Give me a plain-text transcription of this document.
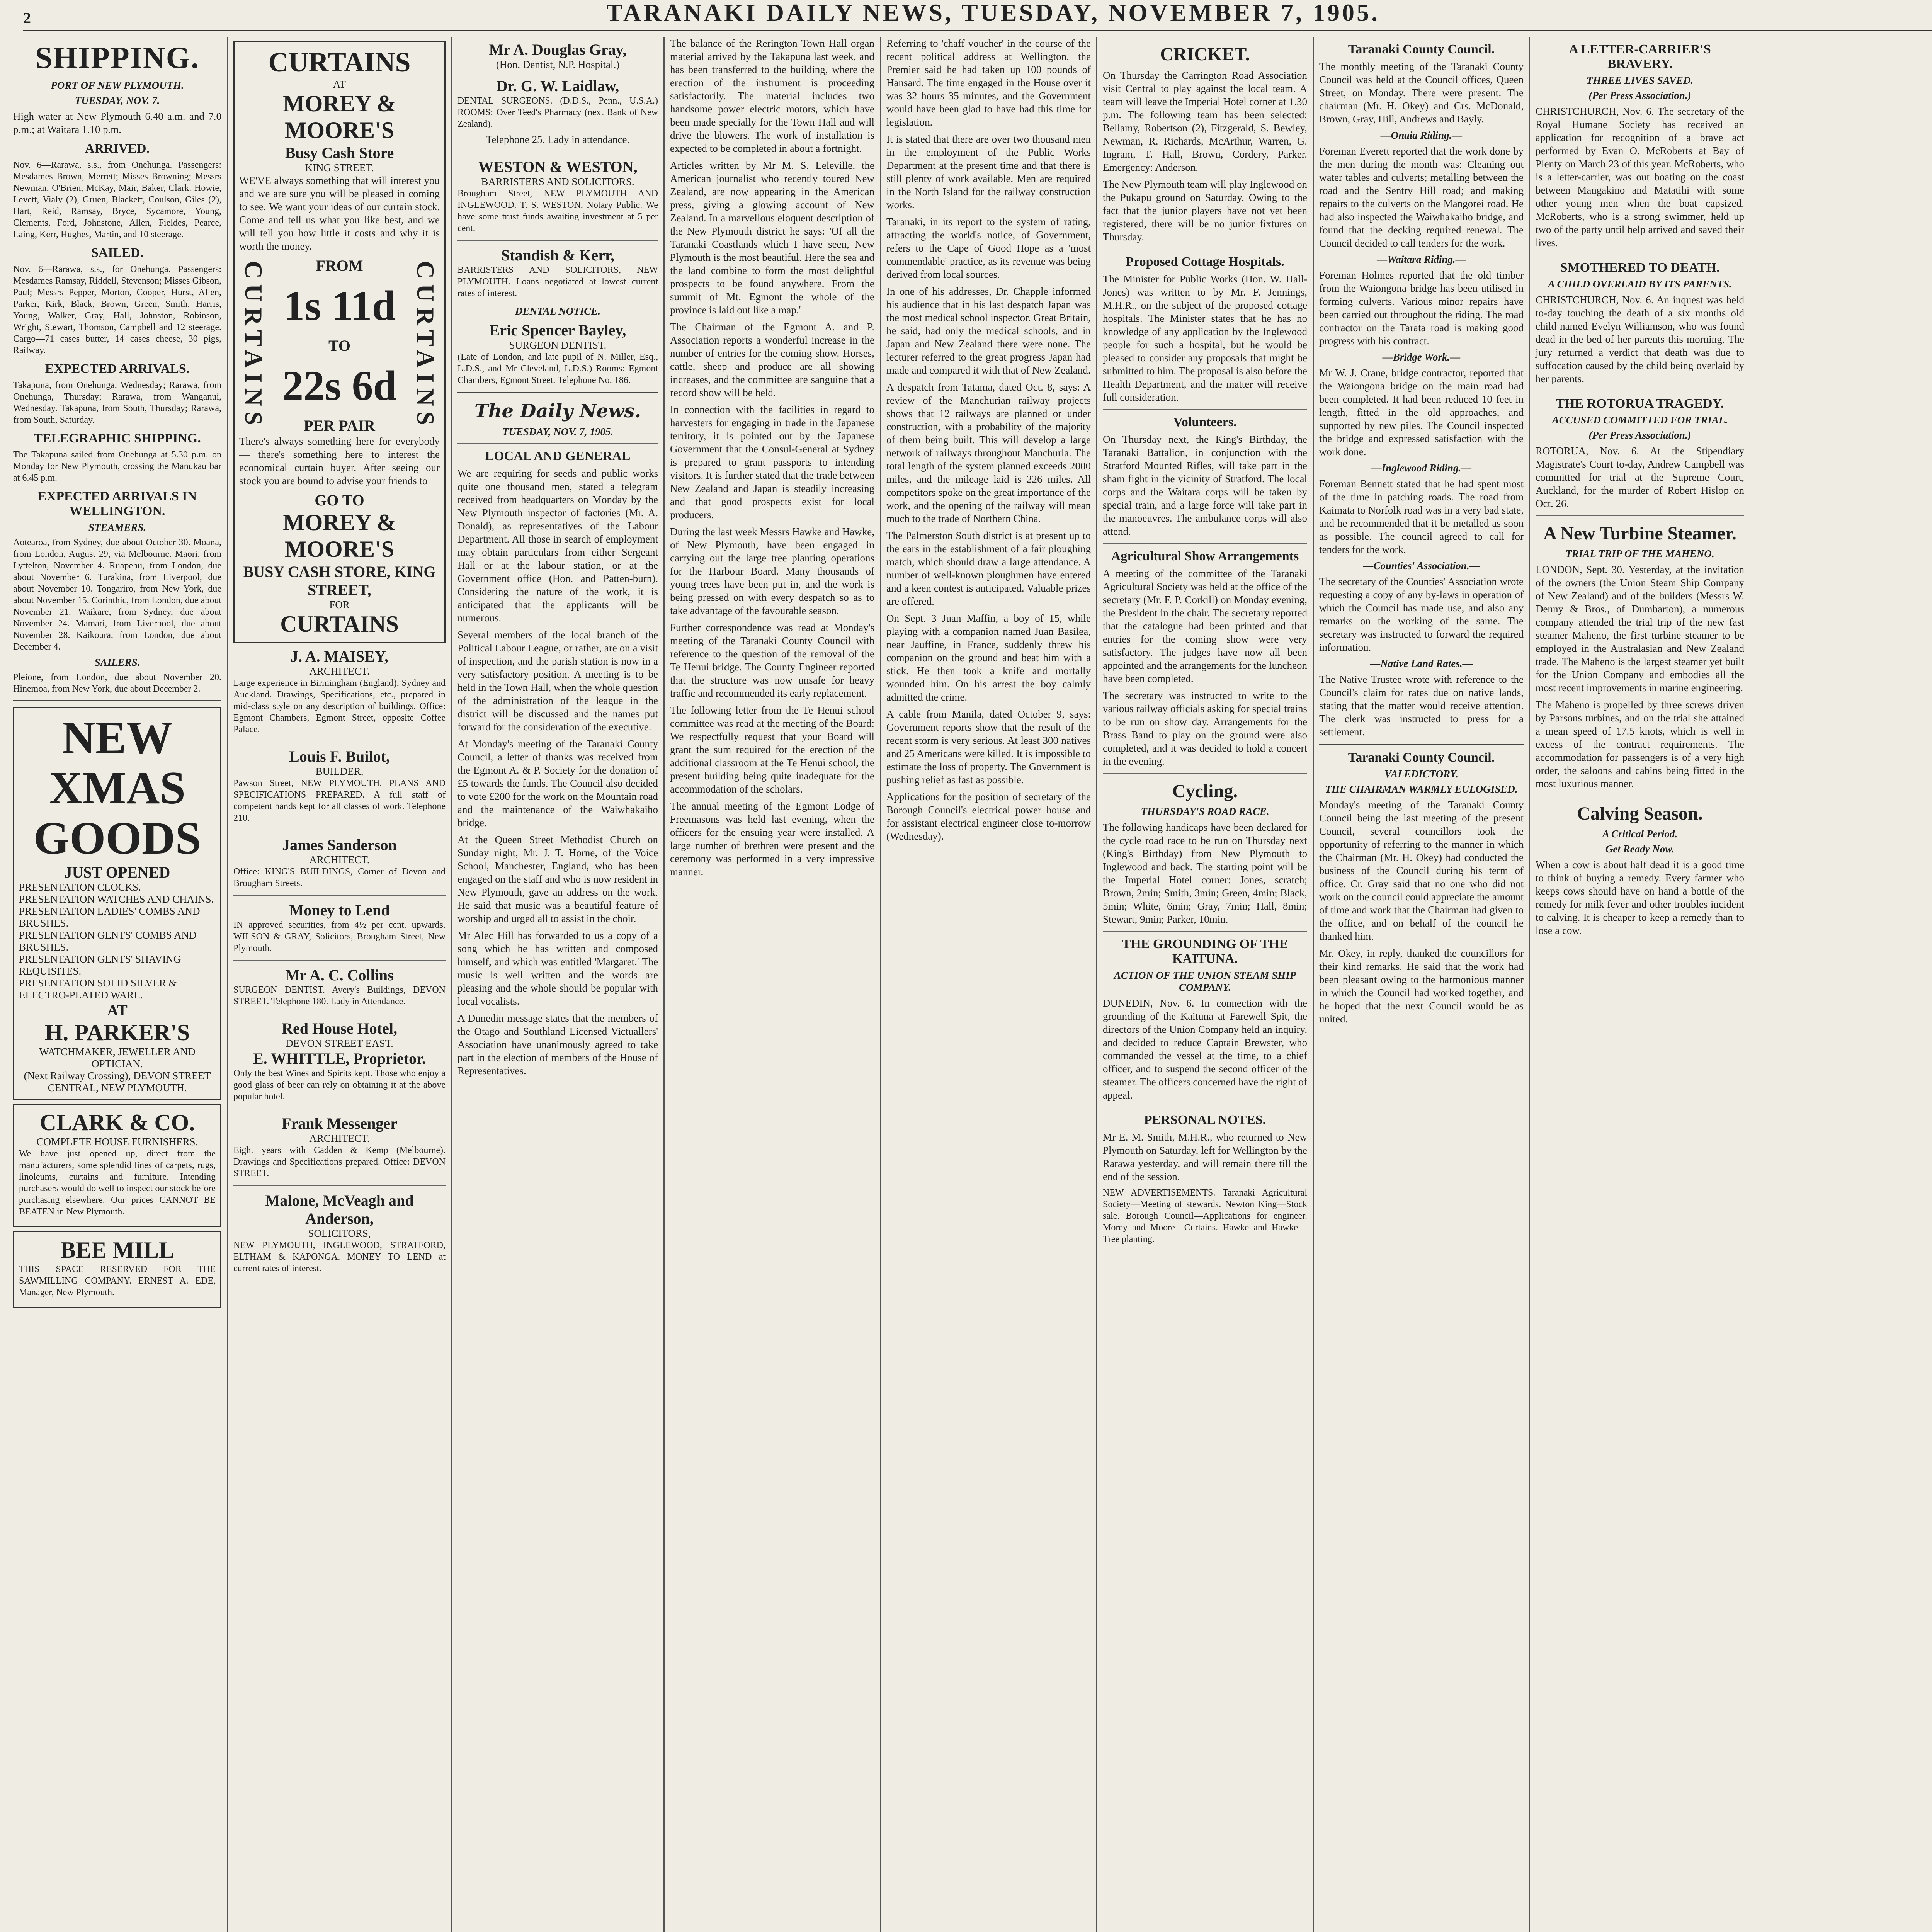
2	TARANAKI DAILY NEWS, TUESDAY, NOVEMBER 7, 1905.
SHIPPING.
PORT OF NEW PLYMOUTH.
TUESDAY, NOV. 7.

High water at New Plymouth 6.40 a.m. and 7.0 p.m.; at Waitara 1.10 p.m.

ARRIVED.

Nov. 6—Rarawa, s.s., from Onehunga. Passengers: Mesdames Brown, Merrett; Misses Browning; Messrs Newman, O'Brien, McKay, Mair, Baker, Clark. Howie, Levett, Vialy (2), Gruen, Blackett, Coulson, Giles (2), Hart, Reid, Ramsay, Bryce, Sycamore, Young, Clements, Ford, Johnstone, Allen, Fieldes, Pearce, Laing, Kerr, Hughes, Martin, and 10 steerage.

SAILED.

Nov. 6—Rarawa, s.s., for Onehunga. Passengers: Mesdames Ramsay, Riddell, Stevenson; Misses Gibson, Paul; Messrs Pepper, Morton, Cooper, Hurst, Allen, Parker, Kirk, Black, Brown, Green, Smith, Harris, Young, Walker, Gray, Hall, Johnston, Robinson, Wright, Stewart, Thomson, Campbell and 12 steerage. Cargo—71 cases butter, 14 cases cheese, 30 pigs, Railway.

EXPECTED ARRIVALS.

Takapuna, from Onehunga, Wednesday; Rarawa, from Onehunga, Thursday; Rarawa, from Wanganui, Wednesday. Takapuna, from South, Thursday; Rarawa, from South, Saturday.

TELEGRAPHIC SHIPPING.

The Takapuna sailed from Onehunga at 5.30 p.m. on Monday for New Plymouth, crossing the Manukau bar at 6.45 p.m.

EXPECTED ARRIVALS IN WELLINGTON.
STEAMERS.

Aotearoa, from Sydney, due about October 30. Moana, from London, August 29, via Melbourne. Maori, from Lyttelton, November 4. Ruapehu, from London, due about November 6. Turakina, from Liverpool, due about November 10. Tongariro, from New York, due about November 15. Corinthic, from London, due about November 21. Waikare, from Sydney, due about November 24. Mamari, from Liverpool, due about November 28. Kaikoura, from London, due about December 4.

SAILERS.

Pleione, from London, due about November 20. Hinemoa, from New York, due about December 2.

NEW
XMAS
GOODS
JUST OPENED
PRESENTATION CLOCKS.
PRESENTATION WATCHES AND CHAINS.
PRESENTATION LADIES' COMBS AND BRUSHES.
PRESENTATION GENTS' COMBS AND BRUSHES.
PRESENTATION GENTS' SHAVING REQUISITES.
PRESENTATION SOLID SILVER & ELECTRO-PLATED WARE.
AT
H. PARKER'S
WATCHMAKER, JEWELLER AND OPTICIAN.
(Next Railway Crossing), DEVON STREET CENTRAL, NEW PLYMOUTH.
CLARK & CO.
COMPLETE HOUSE FURNISHERS.

We have just opened up, direct from the manufacturers, some splendid lines of carpets, rugs, linoleums, curtains and furniture. Intending purchasers would do well to inspect our stock before purchasing elsewhere. Our prices CANNOT BE BEATEN in New Plymouth.

BEE MILL

THIS SPACE RESERVED FOR THE SAWMILLING COMPANY. ERNEST A. EDE, Manager, New Plymouth.

CURTAINS
AT
MOREY & MOORE'S
Busy Cash Store
KING STREET.

WE'VE always something that will interest you and we are sure you will be pleased in coming to see. We want your ideas of our curtain stock. Come and tell us what you like best, and we will tell you how little it costs and why it is worth the money.

CURTAINS	FROM
1s 11d
TO
22s 6d
PER PAIR	CURTAINS

There's always something here for everybody — there's something here to interest the economical curtain buyer. After seeing our stock you are bound to advise your friends to

GO TO
MOREY & MOORE'S
BUSY CASH STORE, KING STREET,
FOR
CURTAINS
J. A. MAISEY,
ARCHITECT.

Large experience in Birmingham (England), Sydney and Auckland. Drawings, Specifications, etc., prepared in mid-class style on any description of buildings. Office: Egmont Chambers, Egmont Street, opposite Coffee Palace.

Louis F. Builot,
BUILDER,

Pawson Street, NEW PLYMOUTH. PLANS AND SPECIFICATIONS PREPARED. A full staff of competent hands kept for all classes of work. Telephone 210.

James Sanderson
ARCHITECT.

Office: KING'S BUILDINGS, Corner of Devon and Brougham Streets.

Money to Lend

IN approved securities, from 4½ per cent. upwards. WILSON & GRAY, Solicitors, Brougham Street, New Plymouth.

Mr A. C. Collins

SURGEON DENTIST. Avery's Buildings, DEVON STREET. Telephone 180. Lady in Attendance.

Red House Hotel,
DEVON STREET EAST.
E. WHITTLE, Proprietor.

Only the best Wines and Spirits kept. Those who enjoy a good glass of beer can rely on obtaining it at the above popular hotel.

Frank Messenger
ARCHITECT.

Eight years with Cadden & Kemp (Melbourne). Drawings and Specifications prepared. Office: DEVON STREET.

Malone, McVeagh and Anderson,
SOLICITORS,

NEW PLYMOUTH, INGLEWOOD, STRATFORD, ELTHAM & KAPONGA. MONEY TO LEND at current rates of interest.

Mr A. Douglas Gray,
(Hon. Dentist, N.P. Hospital.)
Dr. G. W. Laidlaw,

DENTAL SURGEONS. (D.D.S., Penn., U.S.A.) ROOMS: Over Teed's Pharmacy (next Bank of New Zealand).

Telephone 25. Lady in attendance.
WESTON & WESTON,
BARRISTERS AND SOLICITORS.

Brougham Street, NEW PLYMOUTH AND INGLEWOOD. T. S. WESTON, Notary Public. We have some trust funds awaiting investment at 5 per cent.

Standish & Kerr,

BARRISTERS AND SOLICITORS, NEW PLYMOUTH. Loans negotiated at lowest current rates of interest.

DENTAL NOTICE.
Eric Spencer Bayley,
SURGEON DENTIST.

(Late of London, and late pupil of N. Miller, Esq., L.D.S., and Mr Cleveland, L.D.S.) Rooms: Egmont Chambers, Egmont Street. Telephone No. 186.

The Daily News.
TUESDAY, NOV. 7, 1905.
LOCAL AND GENERAL

We are requiring for seeds and public works quite one thousand men, stated a telegram received from headquarters on Monday by the New Plymouth inspector of factories (Mr. A. Donald), as representatives of the Labour Department. All those in search of employment may obtain particulars from either Sergeant Hall or at the labour station, or at the Government office (Hon. and Patten-burn). Considering the nature of the work, it is anticipated that the applicants will be numerous.

Several members of the local branch of the Political Labour League, or rather, are on a visit of inspection, and the parish station is now in a very satisfactory position. A meeting is to be held in the Town Hall, when the whole question of the administration of the league in the district will be discussed and the names put forward for the consideration of the executive.

At Monday's meeting of the Taranaki County Council, a letter of thanks was received from the Egmont A. & P. Society for the donation of £5 towards the funds. The Council also decided to vote £200 for the work on the Mountain road and the maintenance of the Waiwhakaiho bridge.

At the Queen Street Methodist Church on Sunday night, Mr. J. T. Horne, of the Voice School, Manchester, England, who has been engaged on the staff and who is now resident in New Plymouth, gave an address on the work. He said that music was a beautiful feature of worship and urged all to assist in the choir.

Mr Alec Hill has forwarded to us a copy of a song which he has written and composed himself, and which was entitled 'Margaret.' The music is well written and the words are pleasing and the whole should be popular with local vocalists.

A Dunedin message states that the members of the Otago and Southland Licensed Victuallers' Association have unanimously agreed to take part in the election of members of the House of Representatives.

The balance of the Rerington Town Hall organ material arrived by the Takapuna last week, and has been transferred to the building, where the erection of the instrument is proceeding satisfactorily. The material includes two handsome power electric motors, which have been made specially for the Town Hall and will drive the blowers. The work of installation is expected to be completed in about a fortnight.

Articles written by Mr M. S. Leleville, the American journalist who recently toured New Zealand, are now appearing in the American press, giving a glowing account of New Zealand. In a marvellous eloquent description of the New Plymouth district he says: 'Of all the Taranaki Coastlands which I have seen, New Plymouth is the most beautiful. Here the sea and the land combine to form the most delightful prospects to be found anywhere. From the summit of Mt. Egmont the whole of the province is laid out like a map.'

The Chairman of the Egmont A. and P. Association reports a wonderful increase in the number of entries for the coming show. Horses, cattle, sheep and produce are all showing increases, and the committee are sanguine that a record show will be held.

In connection with the facilities in regard to harvesters for engaging in trade in the Japanese territory, it is pointed out by the Japanese Government that the Consul-General at Sydney is prepared to grant passports to intending visitors. It is further stated that the trade between New Zealand and Japan is steadily increasing and that good prospects exist for local producers.

During the last week Messrs Hawke and Hawke, of New Plymouth, have been engaged in carrying out the large tree planting operations for the Harbour Board. Many thousands of young trees have been put in, and the work is being pressed on with every despatch so as to take advantage of the favourable season.

Further correspondence was read at Monday's meeting of the Taranaki County Council with reference to the question of the removal of the Te Henui bridge. The County Engineer reported that the structure was now unsafe for heavy traffic and recommended its early replacement.

The following letter from the Te Henui school committee was read at the meeting of the Board: We respectfully request that your Board will grant the sum required for the erection of the additional classroom at the Te Henui school, the present building being quite inadequate for the accommodation of the scholars.

The annual meeting of the Egmont Lodge of Freemasons was held last evening, when the officers for the ensuing year were installed. A large number of brethren were present and the ceremony was performed in a very impressive manner.

Referring to 'chaff voucher' in the course of the recent political address at Wellington, the Premier said he had taken up 100 pounds of Hansard. The time engaged in the House over it was 32 hours 35 minutes, and the Government would have been glad to have had this time for legislation.

It is stated that there are over two thousand men in the employment of the Public Works Department at the present time and that there is still plenty of work available. Men are required in the North Island for the railway construction works.

Taranaki, in its report to the system of rating, attracting the world's notice, of Government, refers to the Cape of Good Hope as a 'most commendable' practice, as its revenue was being derived from local sources.

In one of his addresses, Dr. Chapple informed his audience that in his last despatch Japan was the most medical school inspector. Great Britain, he said, had only the medical schools, and in Japan and New Zealand there were none. The lecturer referred to the great progress Japan had made and compared it with that of New Zealand.

A despatch from Tatama, dated Oct. 8, says: A review of the Manchurian railway projects shows that 12 railways are planned or under construction, with a probability of the majority of them being built. This will develop a large network of railways throughout Manchuria. The total length of the system planned exceeds 2000 miles, and the mileage laid is 226 miles. All competitors spoke on the great importance of the work, and the opening of the railway will mean much to the trade of Northern China.

The Palmerston South district is at present up to the ears in the establishment of a fair ploughing match, which should draw a large attendance. A number of well-known ploughmen have entered and a keen contest is anticipated. Valuable prizes are offered.

On Sept. 3 Juan Maffin, a boy of 15, while playing with a companion named Juan Basilea, near Jauffine, in France, suddenly threw his companion on the ground and beat him with a stick. He then took a knife and mortally wounded him. On his arrest the boy calmly admitted the crime.

A cable from Manila, dated October 9, says: Government reports show that the result of the recent storm is very serious. At least 300 natives and 25 Americans were killed. It is impossible to estimate the loss of property. The Government is pushing relief as fast as possible.

Applications for the position of secretary of the Borough Council's electrical power house and for assistant electrical engineer close to-morrow (Wednesday).

CRICKET.

On Thursday the Carrington Road Association visit Central to play against the local team. A team will leave the Imperial Hotel corner at 1.30 p.m. The following team has been selected: Bellamy, Robertson (2), Fitzgerald, S. Bewley, Newman, R. Richards, McArthur, Warren, G. Ingram, T. Hall, Brown, Cordery, Parker. Emergency: Anderson.

The New Plymouth team will play Inglewood on the Pukapu ground on Saturday. Owing to the fact that the junior players have not yet been registered, there will be no junior fixtures on Thursday.

Proposed Cottage Hospitals.

The Minister for Public Works (Hon. W. Hall-Jones) was written to by Mr. F. Jennings, M.H.R., on the subject of the proposed cottage hospitals. The Minister states that he has no knowledge of any application by the Inglewood people for such a hospital, but he would be pleased to consider any proposals that might be submitted to him. The proposal is also before the Health Department, and the matter will receive full consideration.

Volunteers.

On Thursday next, the King's Birthday, the Taranaki Battalion, in conjunction with the Stratford Mounted Rifles, will take part in the sham fight in the vicinity of Stratford. The local corps and the Waitara corps will be taken by special train, and a large force will take part in the manoeuvres. The ambulance corps will also attend.

Agricultural Show Arrangements

A meeting of the committee of the Taranaki Agricultural Society was held at the office of the secretary (Mr. F. P. Corkill) on Monday evening, the President in the chair. The secretary reported that the catalogue had been printed and that entries for the coming show were very satisfactory. The judges have now all been appointed and the arrangements for the luncheon have been completed.

The secretary was instructed to write to the various railway officials asking for special trains to be run on show day. Arrangements for the Brass Band to play on the ground were also completed, and it was decided to hold a concert in the evening.

Cycling.
THURSDAY'S ROAD RACE.

The following handicaps have been declared for the cycle road race to be run on Thursday next (King's Birthday) from New Plymouth to Inglewood and back. The starting point will be the Imperial Hotel corner: Jones, scratch; Brown, 2min; Smith, 3min; Green, 4min; Black, 5min; White, 6min; Gray, 7min; Hall, 8min; Stewart, 9min; Parker, 10min.

THE GROUNDING OF THE KAITUNA.
ACTION OF THE UNION STEAM SHIP COMPANY.

DUNEDIN, Nov. 6. In connection with the grounding of the Kaituna at Farewell Spit, the directors of the Union Company held an inquiry, and decided to reduce Captain Brewster, who commanded the vessel at the time, to a chief officer, and to suspend the second officer of the steamer. The officers concerned have the right of appeal.

PERSONAL NOTES.

Mr E. M. Smith, M.H.R., who returned to New Plymouth on Saturday, left for Wellington by the Rarawa yesterday, and will remain there till the end of the session.

NEW ADVERTISEMENTS. Taranaki Agricultural Society—Meeting of stewards. Newton King—Stock sale. Borough Council—Applications for engineer. Morey and Moore—Curtains. Hawke and Hawke—Tree planting.

Taranaki County Council.

The monthly meeting of the Taranaki County Council was held at the Council offices, Queen Street, on Monday. There were present: The chairman (Mr. H. Okey) and Crs. McDonald, Brown, Gray, Hill, Andrews and Bayly.

—Onaia Riding.—

Foreman Everett reported that the work done by the men during the month was: Cleaning out water tables and culverts; metalling between the road and the Sentry Hill road; and making repairs to the culverts on the Mangorei road. He had also inspected the Waiwhakaiho bridge, and found that the decking required renewal. The Council decided to call tenders for the work.

—Waitara Riding.—

Foreman Holmes reported that the old timber from the Waiongona bridge has been utilised in forming culverts. Various minor repairs have been carried out throughout the riding. The road contractor on the Tarata road is making good progress with his contract.

—Bridge Work.—

Mr W. J. Crane, bridge contractor, reported that the Waiongona bridge on the main road had been completed. It had been reduced 10 feet in length, fitted in the old approaches, and supported by new piles. The Council inspected the bridge and expressed satisfaction with the work done.

—Inglewood Riding.—

Foreman Bennett stated that he had spent most of the time in patching roads. The road from Kaimata to Norfolk road was in a very bad state, and he recommended that it be metalled as soon as possible. The council agreed to call for tenders for the work.

—Counties' Association.—

The secretary of the Counties' Association wrote requesting a copy of any by-laws in operation of which the Council has made use, and also any remarks on the working of the same. The secretary was instructed to forward the required information.

—Native Land Rates.—

The Native Trustee wrote with reference to the Council's claim for rates due on native lands, stating that the matter would receive attention. The clerk was instructed to press for a settlement.

Taranaki County Council.
VALEDICTORY.
THE CHAIRMAN WARMLY EULOGISED.

Monday's meeting of the Taranaki County Council being the last meeting of the present Council, several councillors took the opportunity of referring to the manner in which the Chairman (Mr. H. Okey) had conducted the business of the Council during his term of office. Cr. Gray said that no one who did not work on the council could appreciate the amount of time and work that the Chairman had given to the office, and on behalf of the council he thanked him.

Mr. Okey, in reply, thanked the councillors for their kind remarks. He said that the work had been pleasant owing to the harmonious manner in which the Council had worked together, and he hoped that the next Council would be as united.

A LETTER-CARRIER'S BRAVERY.
THREE LIVES SAVED.
(Per Press Association.)

CHRISTCHURCH, Nov. 6. The secretary of the Royal Humane Society has received an application for recognition of a brave act performed by Evan O. McRoberts at Bay of Plenty on March 23 of this year. McRoberts, who is a letter-carrier, was out boating on the coast between Mangakino and Matatihi with some other young men when the boat capsized. McRoberts, who is a strong swimmer, held up two of the party until help arrived and saved their lives.

SMOTHERED TO DEATH.
A CHILD OVERLAID BY ITS PARENTS.

CHRISTCHURCH, Nov. 6. An inquest was held to-day touching the death of a six months old child named Evelyn Williamson, who was found dead in the bed of her parents this morning. The jury returned a verdict that death was due to suffocation caused by the child being overlaid by her parents.

THE ROTORUA TRAGEDY.
ACCUSED COMMITTED FOR TRIAL.
(Per Press Association.)

ROTORUA, Nov. 6. At the Stipendiary Magistrate's Court to-day, Andrew Campbell was committed for trial at the Supreme Court, Auckland, for the murder of Robert Hislop on Oct. 26.

A New Turbine Steamer.
TRIAL TRIP OF THE MAHENO.

LONDON, Sept. 30. Yesterday, at the invitation of the owners (the Union Steam Ship Company of New Zealand) and of the builders (Messrs W. Denny & Bros., of Dumbarton), a numerous company attended the trial trip of the new fast steamer Maheno, the first turbine steamer to be employed in the Australasian and New Zealand trade. The Maheno is the largest steamer yet built for the Union Company and embodies all the most recent improvements in marine engineering.

The Maheno is propelled by three screws driven by Parsons turbines, and on the trial she attained a mean speed of 17.5 knots, which is well in excess of the contract requirements. The accommodation for passengers is of a very high order, the saloons and cabins being fitted in the most luxurious manner.

Calving Season.
A Critical Period.
Get Ready Now.

When a cow is about half dead it is a good time to think of buying a remedy. Every farmer who keeps cows should have on hand a bottle of the remedy for milk fever and other troubles incident to calving. It is cheaper to keep a remedy than to lose a cow.
